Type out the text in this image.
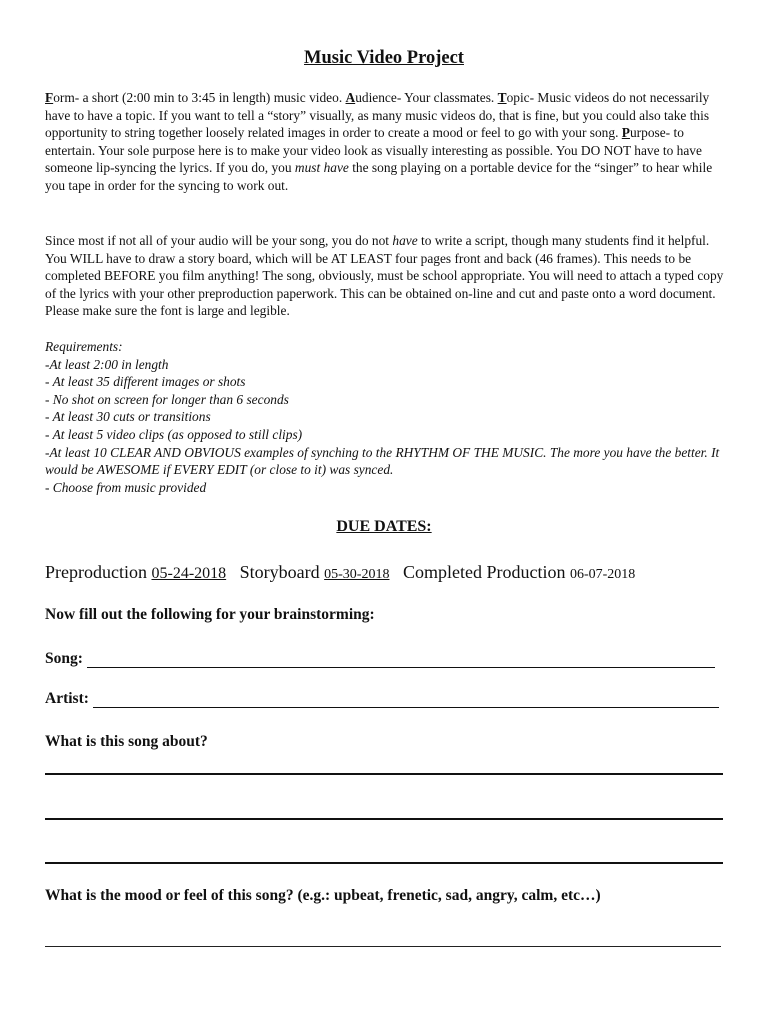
Music Video Project

Form- a short (2:00 min to 3:45 in length) music video. Audience- Your classmates. Topic- Music videos do not necessarily have to have a topic. If you want to tell a “story” visually, as many music videos do, that is fine, but you could also take this opportunity to string together loosely related images in order to create a mood or feel to go with your song. Purpose- to entertain. Your sole purpose here is to make your video look as visually interesting as possible. You DO NOT have to have someone lip-syncing the lyrics. If you do, you must have the song playing on a portable device for the “singer” to hear while you tape in order for the syncing to work out.

Since most if not all of your audio will be your song, you do not have to write a script, though many students find it helpful. You WILL have to draw a story board, which will be AT LEAST four pages front and back (46 frames). This needs to be completed BEFORE you film anything! The song, obviously, must be school appropriate. You will need to attach a typed copy of the lyrics with your other preproduction paperwork. This can be obtained on-line and cut and paste onto a word document. Please make sure the font is large and legible.

Requirements:
-At least 2:00 in length
- At least 35 different images or shots
- No shot on screen for longer than 6 seconds
- At least 30 cuts or transitions
- At least 5 video clips (as opposed to still clips)
-At least 10 CLEAR AND OBVIOUS examples of synching to the RHYTHM OF THE MUSIC. The more you have the better. It would be AWESOME if EVERY EDIT (or close to it) was synced.
- Choose from music provided
DUE DATES:
Preproduction 05-24-2018 Storyboard 05-30-2018 Completed Production 06-07-2018
Now fill out the following for your brainstorming:
Song:
Artist:
What is this song about?
What is the mood or feel of this song? (e.g.: upbeat, frenetic, sad, angry, calm, etc…)
